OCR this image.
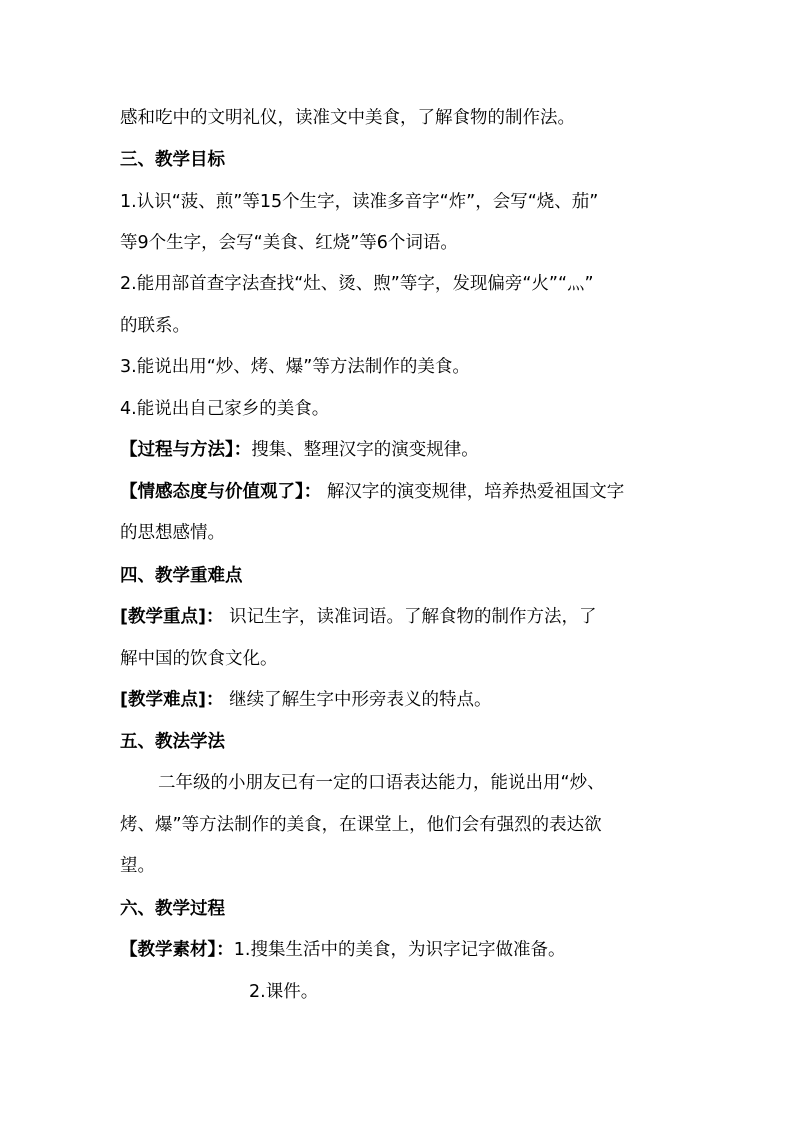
感和吃中的文明礼仪，读准文中美食，了解食物的制作法。
三、教学目标
1.认识“菠、煎”等15个生字，读准多音字“炸”，会写“烧、茄”
等9个生字，会写“美食、红烧”等6个词语。
2.能用部首查字法查找“灶、烫、煦”等字，发现偏旁“火”“灬”
的联系。
3.能说出用“炒、烤、爆”等方法制作的美食。
4.能说出自己家乡的美食。
【过程与方法】：搜集、整理汉字的演变规律。
【情感态度与价值观了】： 解汉字的演变规律，培养热爱祖国文字
的思想感情。
四、教学重难点
[教学重点]： 识记生字，读准词语。了解食物的制作方法，了
解中国的饮食文化。
[教学难点]： 继续了解生字中形旁表义的特点。
五、教法学法
二年级的小朋友已有一定的口语表达能力，能说出用“炒、
烤、爆”等方法制作的美食，在课堂上，他们会有强烈的表达欲
望。
六、教学过程
【教学素材】：1.搜集生活中的美食，为识字记字做准备。
2.课件。
